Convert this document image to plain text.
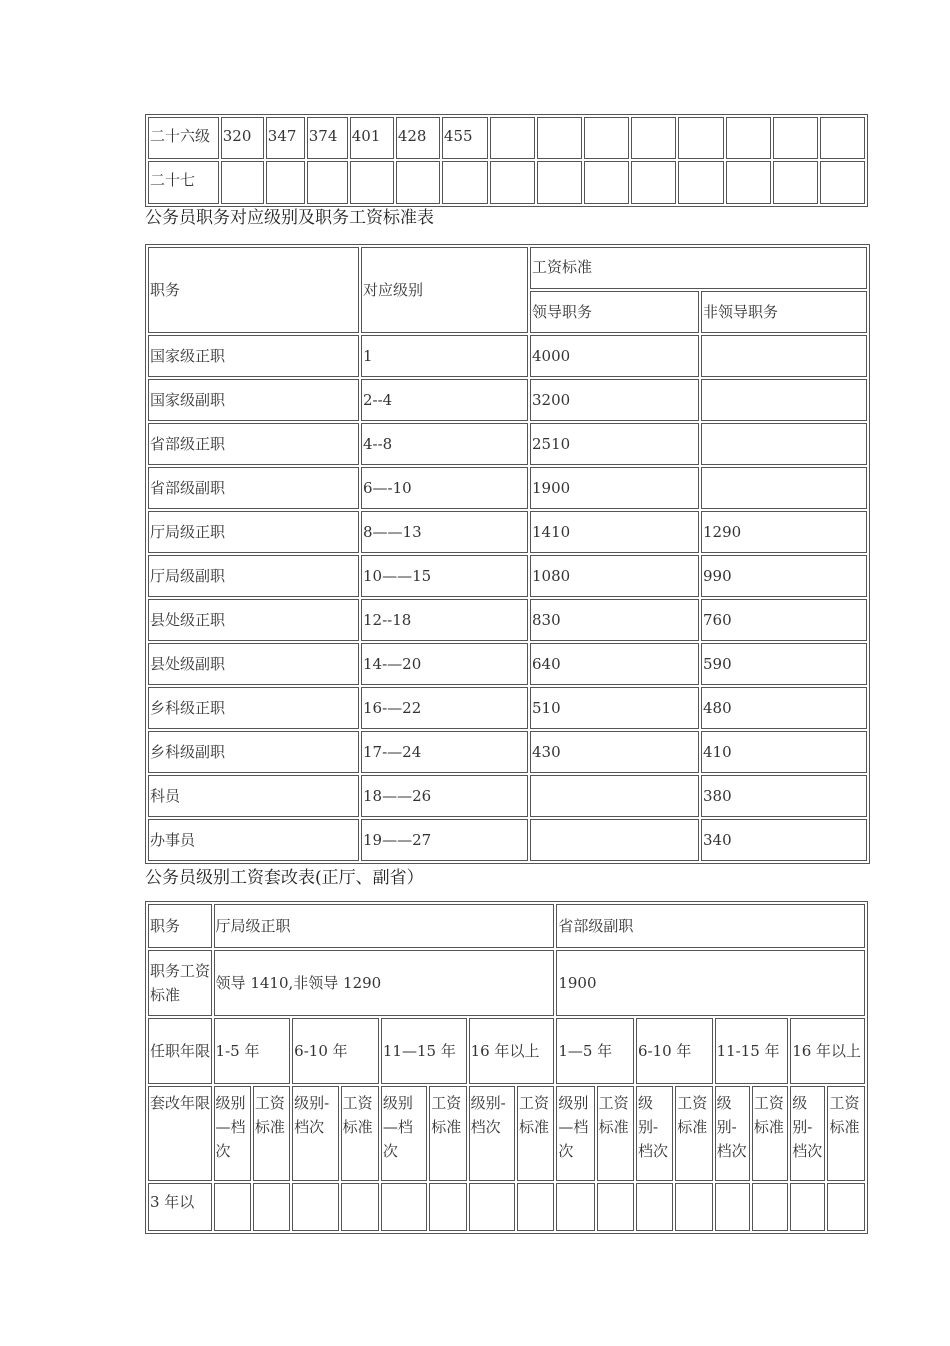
二十六级	320	347	374	401	428	455								
二十七														
公务员职务对应级别及职务工资标准表
职务	对应级别	工资标准	
		领导职务	非领导职务
国家级正职	1	4000	
国家级副职	2--4	3200	
省部级正职	4--8	2510	
省部级副职	6—-10	1900	
厅局级正职	8——13	1410	1290
厅局级副职	10——15	1080	990
县处级正职	12--18	830	760
县处级副职	14-—20	640	590
乡科级正职	16-—22	510	480
乡科级副职	17-—24	430	410
科员	18——26		380
办事员	19——27		340
公务员级别工资套改表(正厅、副省）
职务	厅局级正职								省部级副职							
职务工资标准	领导 1410,非领导 1290								1900							
任职年限	1-5 年		6-10 年		11—15 年		16 年以上		1—5 年		6-10 年		11-15 年		16 年以上	
套改年限	级别—档次	工资标准	级别-档次	工资标准	级别—档次	工资标准	级别-档次	工资标准	级别—档次	工资标准	级别-档次	工资标准	级别-档次	工资标准	级别-档次	工资标准
3 年以																
